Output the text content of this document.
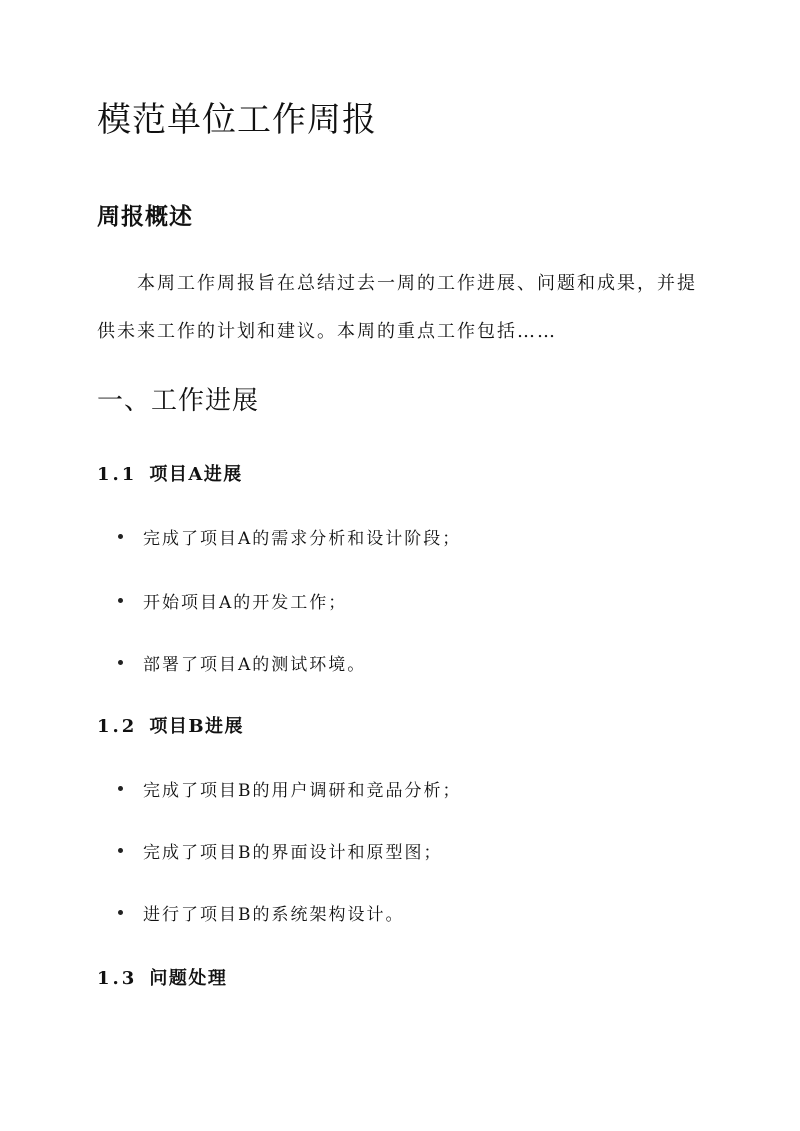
模范单位工作周报
周报概述

本周工作周报旨在总结过去一周的工作进展、问题和成果，并提供未来工作的计划和建议。本周的重点工作包括……

一、工作进展
1.1 项目A进展
完成了项目A的需求分析和设计阶段；
开始项目A的开发工作；
部署了项目A的测试环境。
1.2 项目B进展
完成了项目B的用户调研和竞品分析；
完成了项目B的界面设计和原型图；
进行了项目B的系统架构设计。
1.3 问题处理
